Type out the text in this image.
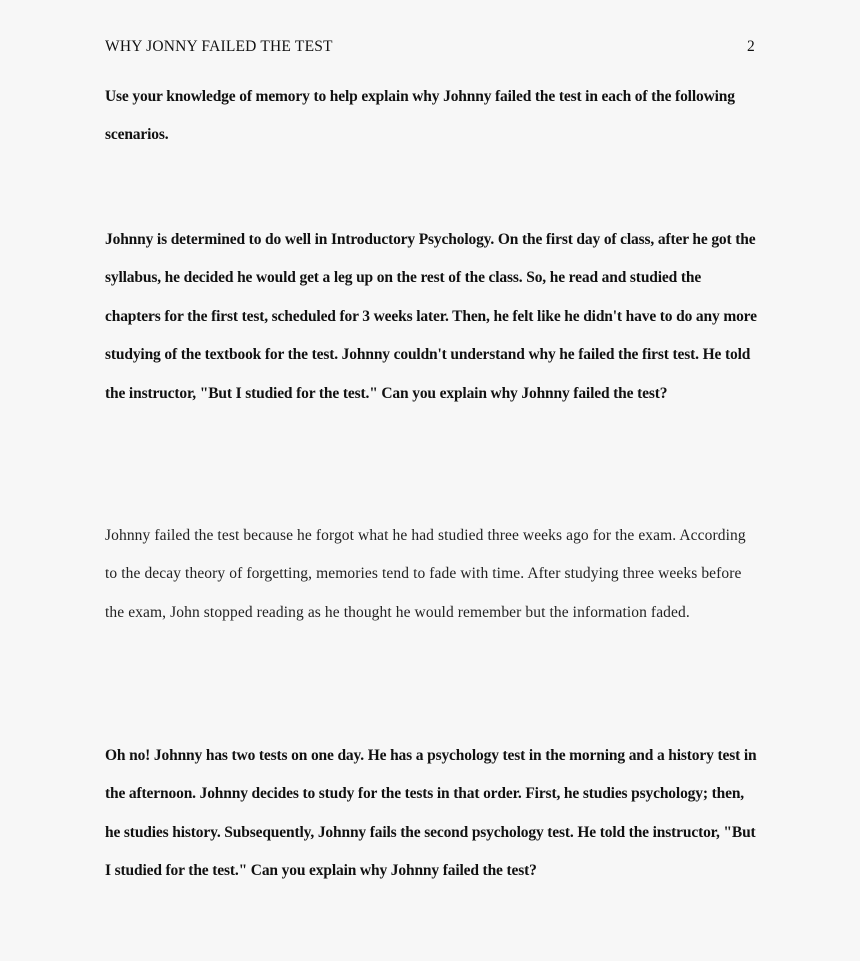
WHY JONNY FAILED THE TEST	2

Use your knowledge of memory to help explain why Johnny failed the test in each of the following scenarios.

Johnny is determined to do well in Introductory Psychology. On the first day of class, after he got the syllabus, he decided he would get a leg up on the rest of the class. So, he read and studied the chapters for the first test, scheduled for 3 weeks later. Then, he felt like he didn't have to do any more studying of the textbook for the test. Johnny couldn't understand why he failed the first test. He told the instructor, "But I studied for the test." Can you explain why Johnny failed the test?

Johnny failed the test because he forgot what he had studied three weeks ago for the exam. According to the decay theory of forgetting, memories tend to fade with time. After studying three weeks before the exam, John stopped reading as he thought he would remember but the information faded.

Oh no! Johnny has two tests on one day. He has a psychology test in the morning and a history test in the afternoon. Johnny decides to study for the tests in that order. First, he studies psychology; then, he studies history. Subsequently, Johnny fails the second psychology test. He told the instructor, "But I studied for the test." Can you explain why Johnny failed the test?
